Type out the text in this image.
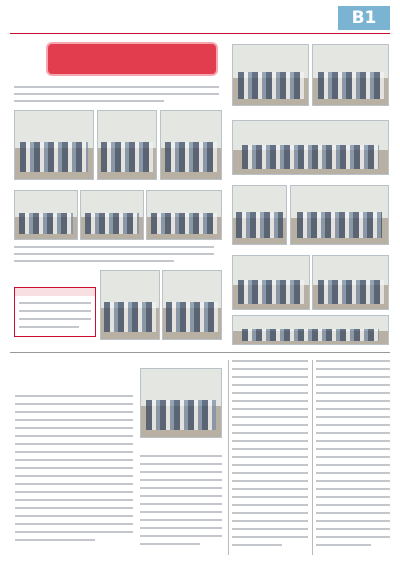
B1
